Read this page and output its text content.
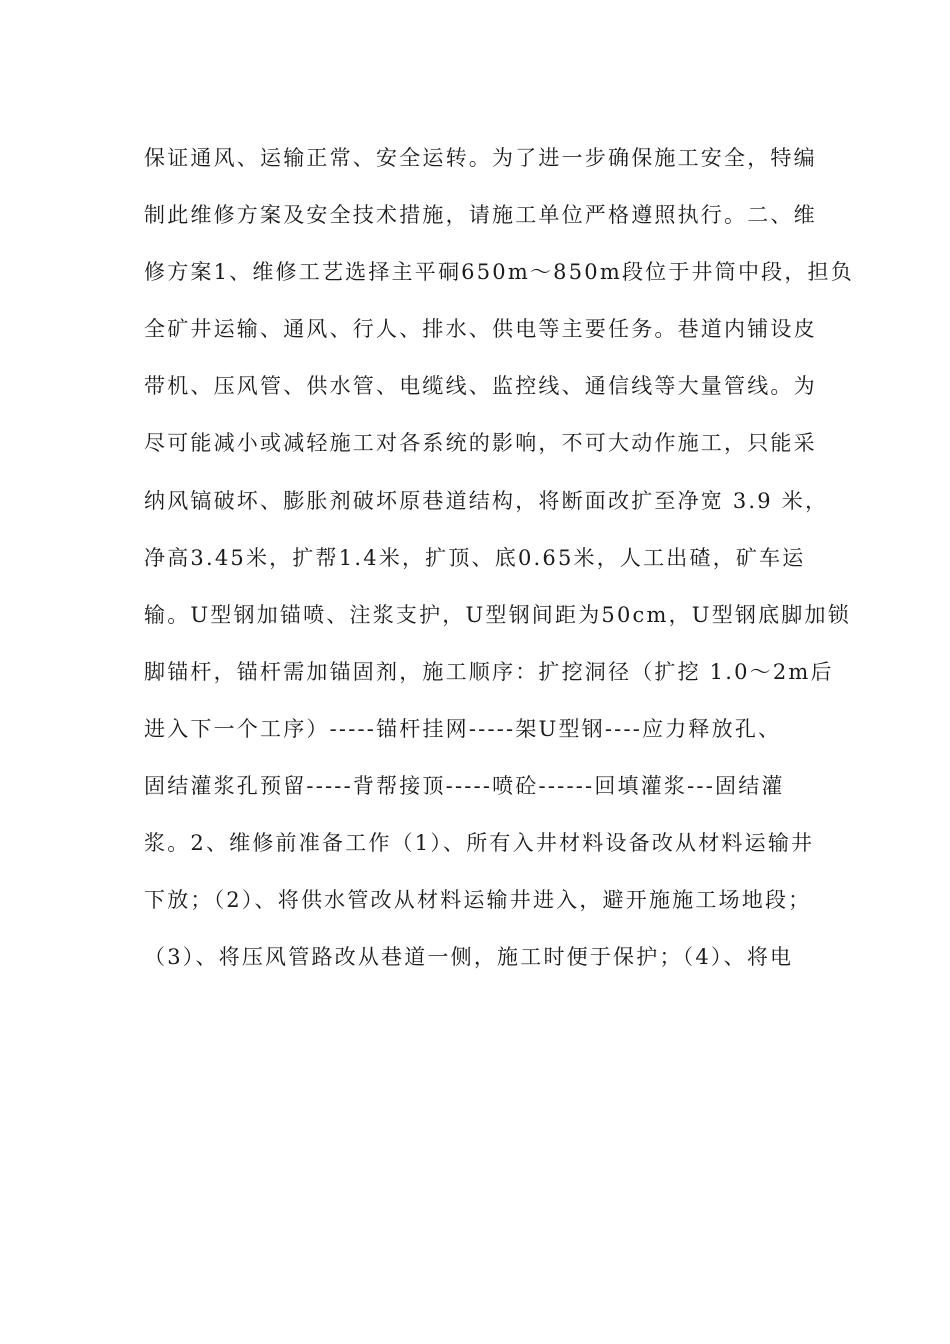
保证通风、运输正常、安全运转。为了进一步确保施工安全，特编
制此维修方案及安全技术措施，请施工单位严格遵照执行。二、维
修方案1、维修工艺选择主平硐650m～850m段位于井筒中段，担负
全矿井运输、通风、行人、排水、供电等主要任务。巷道内铺设皮
带机、压风管、供水管、电缆线、监控线、通信线等大量管线。为
尽可能减小或减轻施工对各系统的影响，不可大动作施工，只能采
纳风镐破坏、膨胀剂破坏原巷道结构，将断面改扩至净宽 3.9 米，
净高3.45米，扩帮1.4米，扩顶、底0.65米，人工出碴，矿车运
输。U型钢加锚喷、注浆支护，U型钢间距为50cm，U型钢底脚加锁
脚锚杆，锚杆需加锚固剂，施工顺序：扩挖洞径（扩挖 1.0～2m后
进入下一个工序）-----锚杆挂网-----架U型钢----应力释放孔、
固结灌浆孔预留-----背帮接顶-----喷砼------回填灌浆---固结灌
浆。2、维修前准备工作（1）、所有入井材料设备改从材料运输井
下放；（2）、将供水管改从材料运输井进入，避开施施工场地段；
（3）、将压风管路改从巷道一侧，施工时便于保护；（4）、将电
